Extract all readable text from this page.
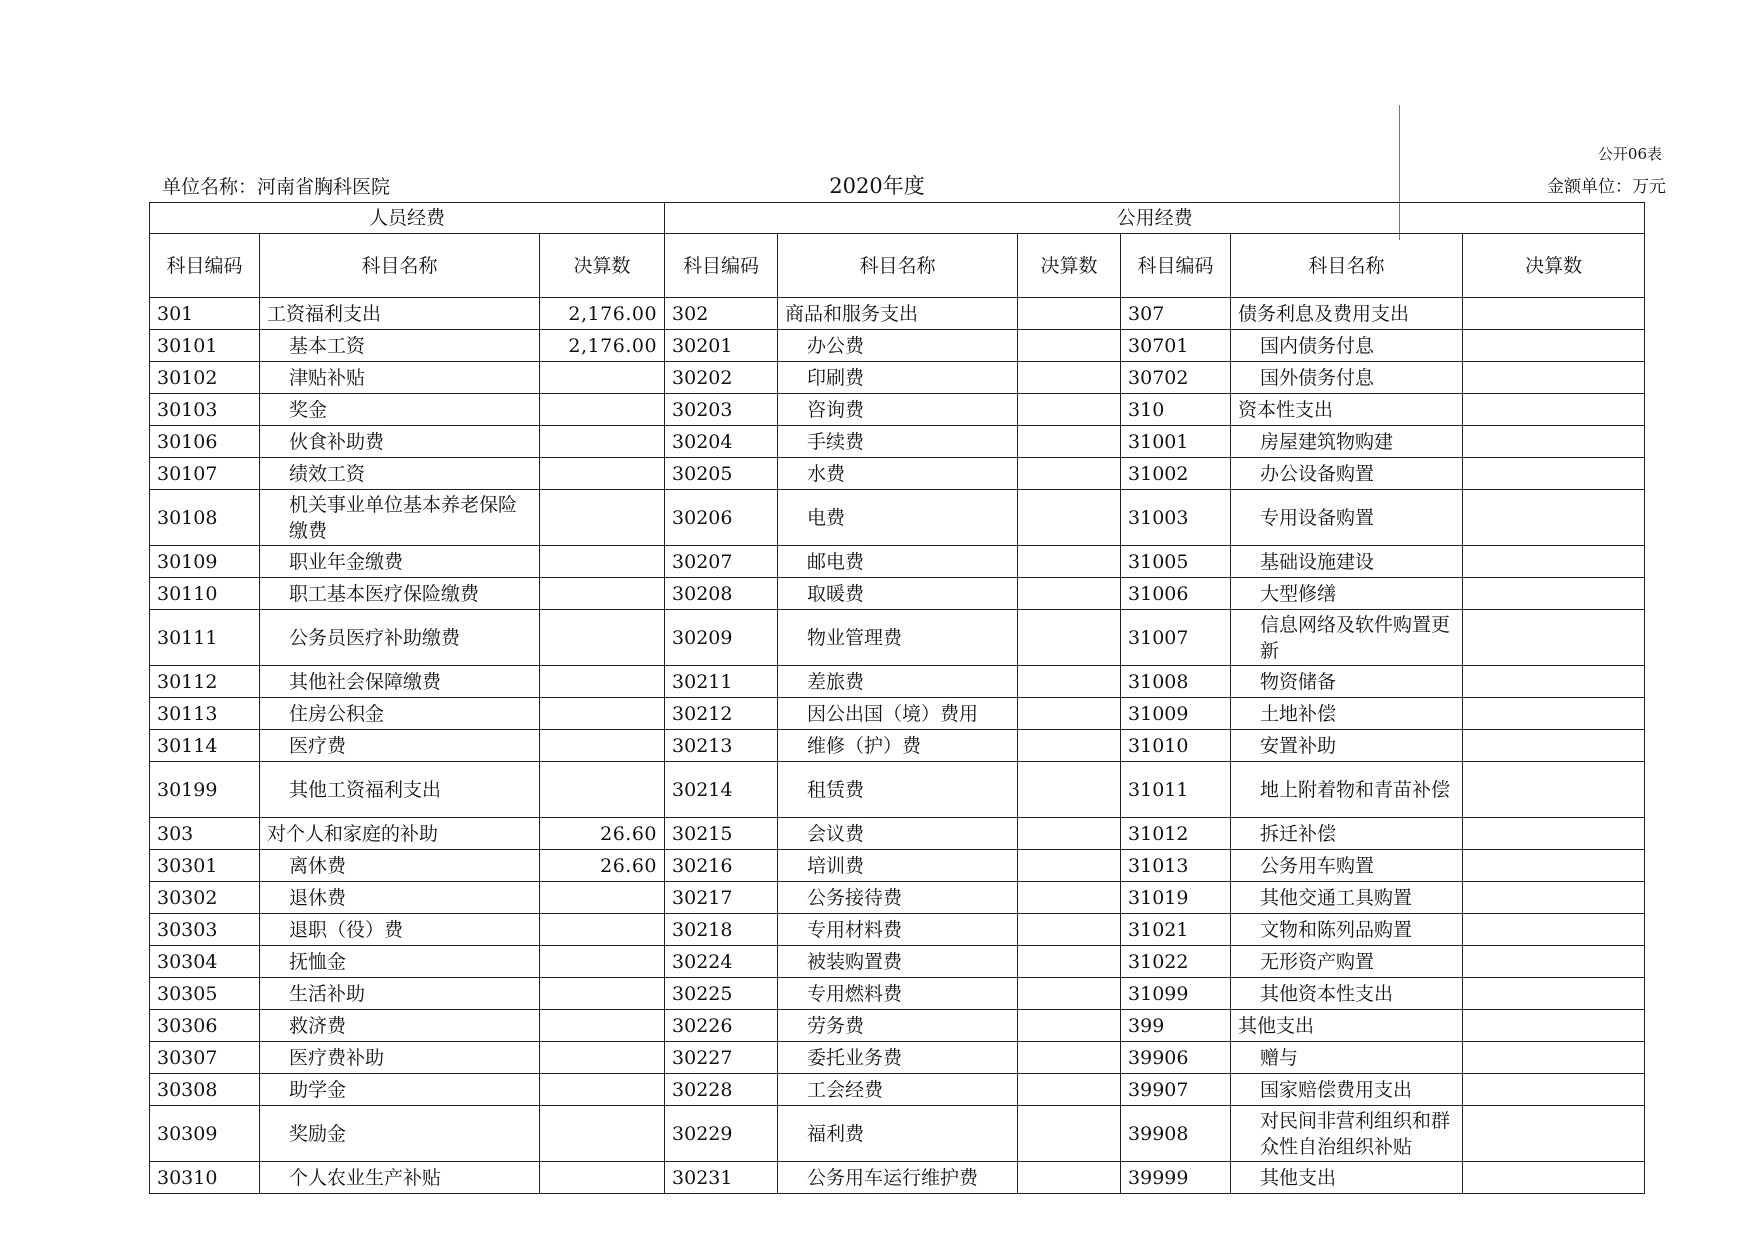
公开06表
单位名称：河南省胸科医院	2020年度	金额单位：万元
人员经费			公用经费					
科目编码	科目名称	决算数	科目编码	科目名称	决算数	科目编码	科目名称	决算数
301	工资福利支出	2,176.00	302	商品和服务支出		307	债务利息及费用支出	
30101	基本工资	2,176.00	30201	办公费		30701	国内债务付息	
30102	津贴补贴		30202	印刷费		30702	国外债务付息	
30103	奖金		30203	咨询费		310	资本性支出	
30106	伙食补助费		30204	手续费		31001	房屋建筑物购建	
30107	绩效工资		30205	水费		31002	办公设备购置	
30108	机关事业单位基本养老保险缴费		30206	电费		31003	专用设备购置	
30109	职业年金缴费		30207	邮电费		31005	基础设施建设	
30110	职工基本医疗保险缴费		30208	取暖费		31006	大型修缮	
30111	公务员医疗补助缴费		30209	物业管理费		31007	信息网络及软件购置更新	
30112	其他社会保障缴费		30211	差旅费		31008	物资储备	
30113	住房公积金		30212	因公出国（境）费用		31009	土地补偿	
30114	医疗费		30213	维修（护）费		31010	安置补助	
30199	其他工资福利支出		30214	租赁费		31011	地上附着物和青苗补偿	
303	对个人和家庭的补助	26.60	30215	会议费		31012	拆迁补偿	
30301	离休费	26.60	30216	培训费		31013	公务用车购置	
30302	退休费		30217	公务接待费		31019	其他交通工具购置	
30303	退职（役）费		30218	专用材料费		31021	文物和陈列品购置	
30304	抚恤金		30224	被装购置费		31022	无形资产购置	
30305	生活补助		30225	专用燃料费		31099	其他资本性支出	
30306	救济费		30226	劳务费		399	其他支出	
30307	医疗费补助		30227	委托业务费		39906	赠与	
30308	助学金		30228	工会经费		39907	国家赔偿费用支出	
30309	奖励金		30229	福利费		39908	对民间非营利组织和群众性自治组织补贴	
30310	个人农业生产补贴		30231	公务用车运行维护费		39999	其他支出	
